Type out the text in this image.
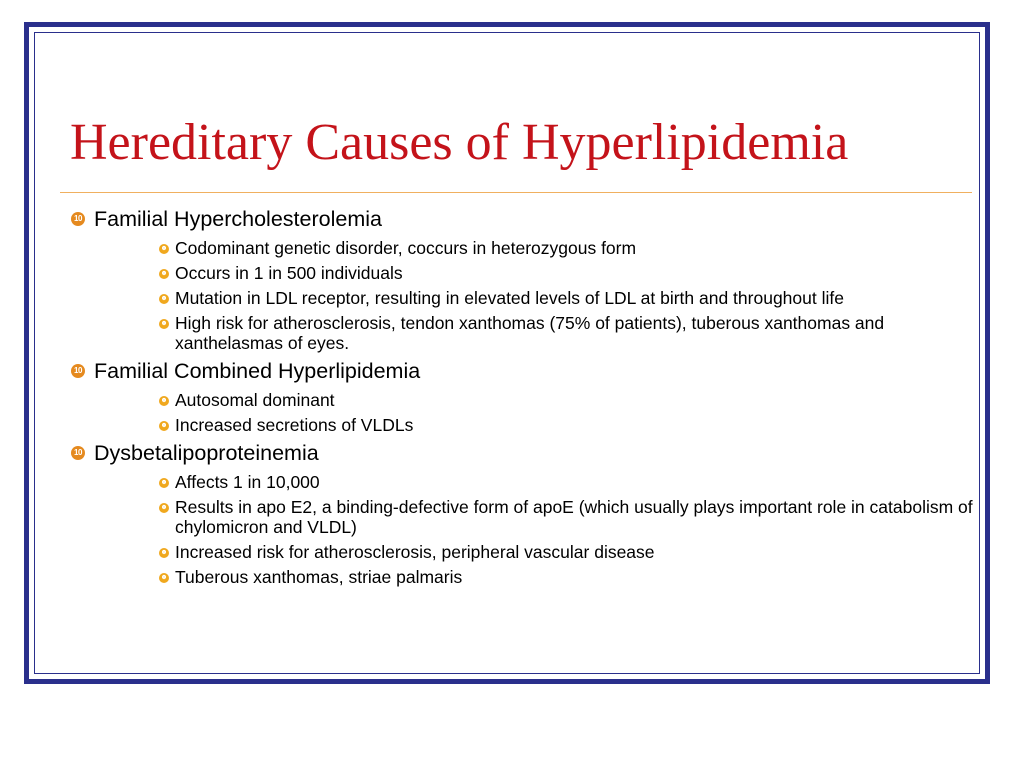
Hereditary Causes of Hyperlipidemia
10 Familial Hypercholesterolemia
☻ Codominant genetic disorder, coccurs in heterozygous form
☻ Occurs in 1 in 500 individuals
☻ Mutation in LDL receptor, resulting in elevated levels of LDL at birth and throughout life
☻ High risk for atherosclerosis, tendon xanthomas (75% of patients), tuberous xanthomas and xanthelasmas of eyes.
10 Familial Combined Hyperlipidemia
☻ Autosomal dominant
☻ Increased secretions of VLDLs
10 Dysbetalipoproteinemia
☻ Affects 1 in 10,000
☻ Results in apo E2, a binding-defective form of apoE (which usually plays important role in catabolism of chylomicron and VLDL)
☻ Increased risk for atherosclerosis, peripheral vascular disease
☻ Tuberous xanthomas, striae palmaris
